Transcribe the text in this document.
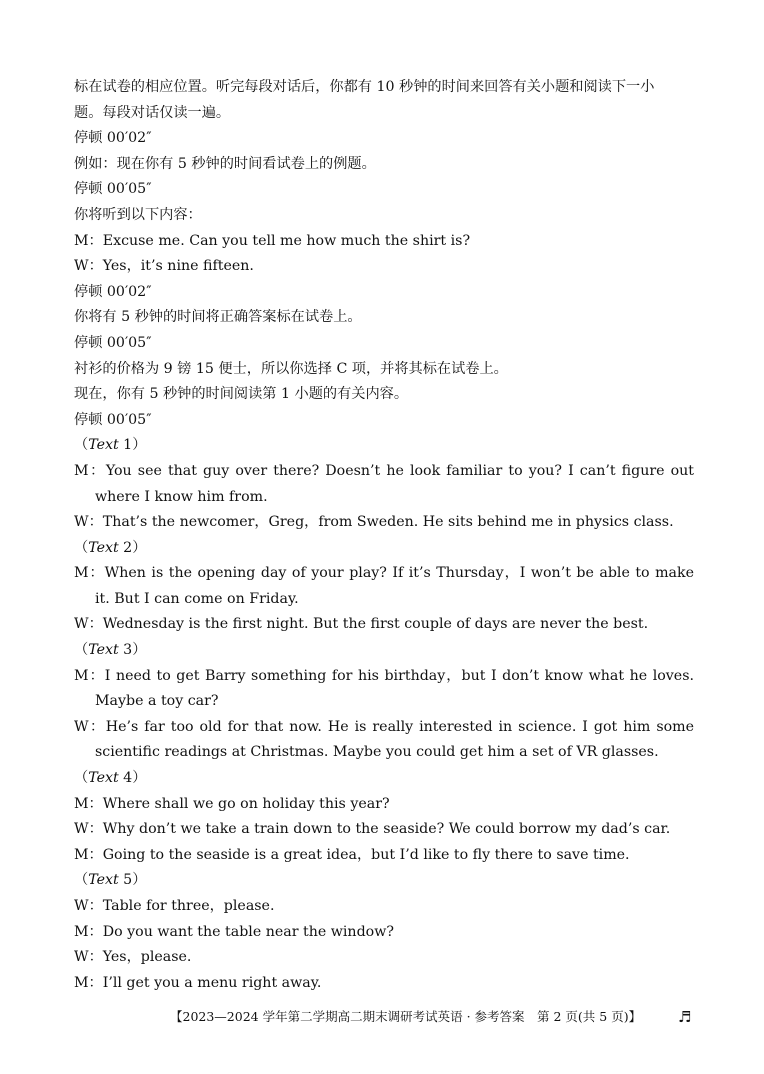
标在试卷的相应位置。听完每段对话后，你都有 10 秒钟的时间来回答有关小题和阅读下一小
题。每段对话仅读一遍。
停顿 00′02″
例如：现在你有 5 秒钟的时间看试卷上的例题。
停顿 00′05″
你将听到以下内容：
M：Excuse me. Can you tell me how much the shirt is?
W：Yes，it’s nine fifteen.
停顿 00′02″
你将有 5 秒钟的时间将正确答案标在试卷上。
停顿 00′05″
衬衫的价格为 9 镑 15 便士，所以你选择 C 项，并将其标在试卷上。
现在，你有 5 秒钟的时间阅读第 1 小题的有关内容。
停顿 00′05″
（Text 1）
M：You see that guy over there? Doesn’t he look familiar to you? I can’t figure out where I know him from.
W：That’s the newcomer，Greg，from Sweden. He sits behind me in physics class.
（Text 2）
M：When is the opening day of your play? If it’s Thursday，I won’t be able to make it. But I can come on Friday.
W：Wednesday is the first night. But the first couple of days are never the best.
（Text 3）
M：I need to get Barry something for his birthday，but I don’t know what he loves. Maybe a toy car?
W：He’s far too old for that now. He is really interested in science. I got him some scientific readings at Christmas. Maybe you could get him a set of VR glasses.
（Text 4）
M：Where shall we go on holiday this year?
W：Why don’t we take a train down to the seaside? We could borrow my dad’s car.
M：Going to the seaside is a great idea，but I’d like to fly there to save time.
（Text 5）
W：Table for three，please.
M：Do you want the table near the window?
W：Yes，please.
M：I’ll get you a menu right away.
【2023—2024 学年第二学期高二期末调研考试英语 · 参考答案　第 2 页(共 5 页)】 ♬
